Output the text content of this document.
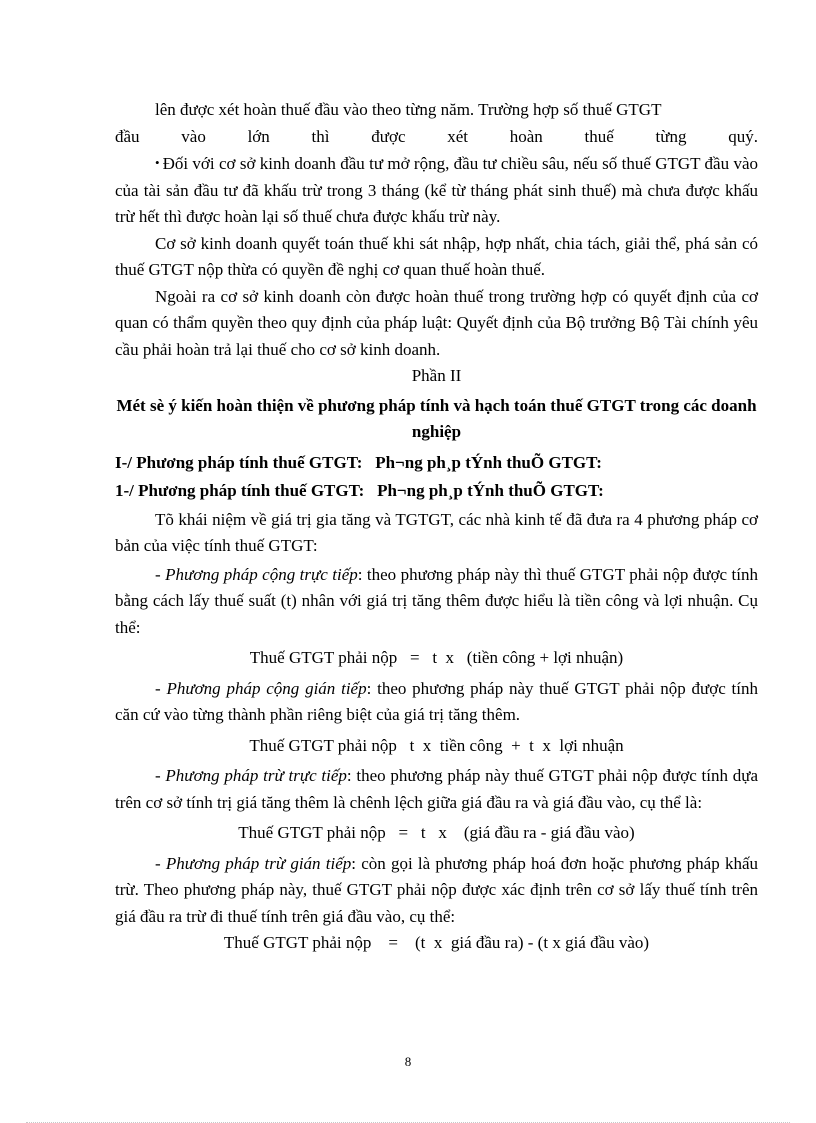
lên được xét hoàn thuế đầu vào theo từng năm. Trường hợp số thuế GTGT

đầu vào lớn thì được xét hoàn thuế từng quý.

• Đối với cơ sở kinh doanh đầu tư mở rộng, đầu tư chiều sâu, nếu số thuế GTGT đầu vào của tài sản đầu tư đã khấu trừ trong 3 tháng (kể từ tháng phát sinh thuế) mà chưa được khấu trừ hết thì được hoàn lại số thuế chưa được khấu trừ này.

Cơ sở kinh doanh quyết toán thuế khi sát nhập, hợp nhất, chia tách, giải thể, phá sản có thuế GTGT nộp thừa có quyền đề nghị cơ quan thuế hoàn thuế.

Ngoài ra cơ sở kinh doanh còn được hoàn thuế trong trường hợp có quyết định của cơ quan có thẩm quyền theo quy định của pháp luật: Quyết định của Bộ trưởng Bộ Tài chính yêu cầu phải hoàn trả lại thuế cho cơ sở kinh doanh.

Phần II

Mét sè ý kiến hoàn thiện về phương pháp tính và hạch toán thuế GTGT trong các doanh nghiệp

I-/ Phương pháp tính thuế GTGT: Ph¬ng ph¸p tÝnh thuÕ GTGT:

1-/ Phương pháp tính thuế GTGT: Ph¬ng ph¸p tÝnh thuÕ GTGT:

Tõ khái niệm về giá trị gia tăng và TGTGT, các nhà kinh tế đã đưa ra 4 phương pháp cơ bản của việc tính thuế GTGT:

- Phương pháp cộng trực tiếp: theo phương pháp này thì thuế GTGT phải nộp được tính bằng cách lấy thuế suất (t) nhân với giá trị tăng thêm được hiểu là tiền công và lợi nhuận. Cụ thể:

Thuế GTGT phải nộp   =   t  x   (tiền công + lợi nhuận)

- Phương pháp cộng gián tiếp: theo phương pháp này thuế GTGT phải nộp được tính căn cứ vào từng thành phần riêng biệt của giá trị tăng thêm.

Thuế GTGT phải nộp   t  x  tiền công  +  t  x  lợi nhuận

- Phương pháp trừ trực tiếp: theo phương pháp này thuế GTGT phải nộp được tính dựa trên cơ sở tính trị giá tăng thêm là chênh lệch giữa giá đầu ra và giá đầu vào, cụ thể là:

Thuế GTGT phải nộp   =   t   x    (giá đầu ra - giá đầu vào)

- Phương pháp trừ gián tiếp: còn gọi là phương pháp hoá đơn hoặc phương pháp khấu trừ. Theo phương pháp này, thuế GTGT phải nộp được xác định trên cơ sở lấy thuế tính trên giá đầu ra trừ đi thuế tính trên giá đầu vào, cụ thể:

Thuế GTGT phải nộp    =    (t  x  giá đầu ra) - (t x giá đầu vào)

8
